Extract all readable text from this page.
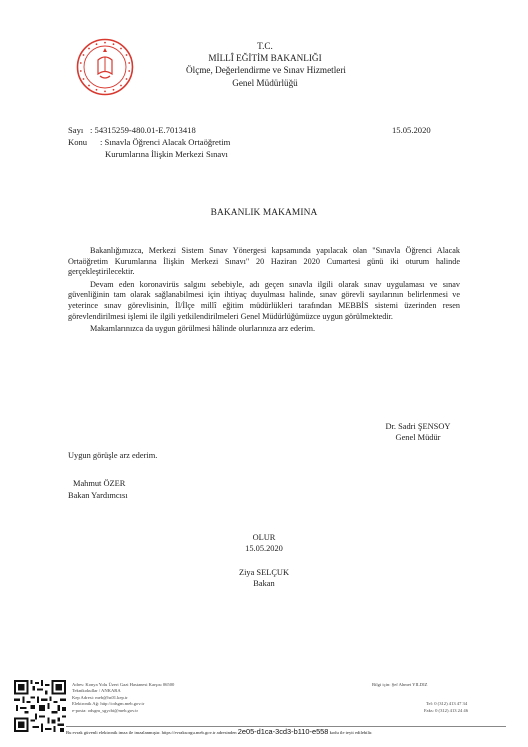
T.C.
MİLLÎ EĞİTİM BAKANLIĞI
Ölçme, Değerlendirme ve Sınav Hizmetleri
Genel Müdürlüğü
Sayı : 54315259-480.01-E.7013418	15.05.2020
Konu : Sınavla Öğrenci Alacak Ortaöğretim
Kurumlarına İlişkin Merkezi Sınavı
BAKANLIK MAKAMINA

Bakanlığımızca, Merkezi Sistem Sınav Yönergesi kapsamında yapılacak olan "Sınavla Öğrenci Alacak Ortaöğretim Kurumlarına İlişkin Merkezi Sınavı" 20 Haziran 2020 Cumartesi günü iki oturum halinde gerçekleştirilecektir.

Devam eden koronavirüs salgını sebebiyle, adı geçen sınavla ilgili olarak sınav uygulaması ve sınav güvenliğinin tam olarak sağlanabilmesi için ihtiyaç duyulması halinde, sınav görevli sayılarının belirlenmesi ve yeterince sınav görevlisinin, İl/İlçe millî eğitim müdürlükleri tarafından MEBBİS sistemi üzerinden resen görevlendirilmesi işlemi ile ilgili yetkilendirilmeleri Genel Müdürlüğümüzce uygun görülmektedir.

Makamlarınızca da uygun görülmesi hâlinde olurlarınıza arz ederim.

Dr. Sadri ŞENSOY
Genel Müdür
Uygun görüşle arz ederim.
Mahmut ÖZER
Bakan Yardımcısı
OLUR
15.05.2020
Ziya SELÇUK
Bakan
Adres: Konya Yolu Üzeri Gazi Hastanesi Karşısı 06500
Teknikokullar / ANKARA
Kep Adresi: meb@hs01.kep.tr
Elektronik Ağ: http://odsgm.meb.gov.tr
e-posta: odsgm_sgycbi@meb.gov.tr
Bilgi için: Şef Ahmet YILDIZ
Tel: 0 (312) 413 47 34
Faks: 0 (312) 413 24 46
Bu evrak güvenli elektronik imza ile imzalanmıştır. https://evraksorgu.meb.gov.tr adresinden 2e05-d1ca-3cd3-b110-e558 kodu ile teyit edilebilir.
